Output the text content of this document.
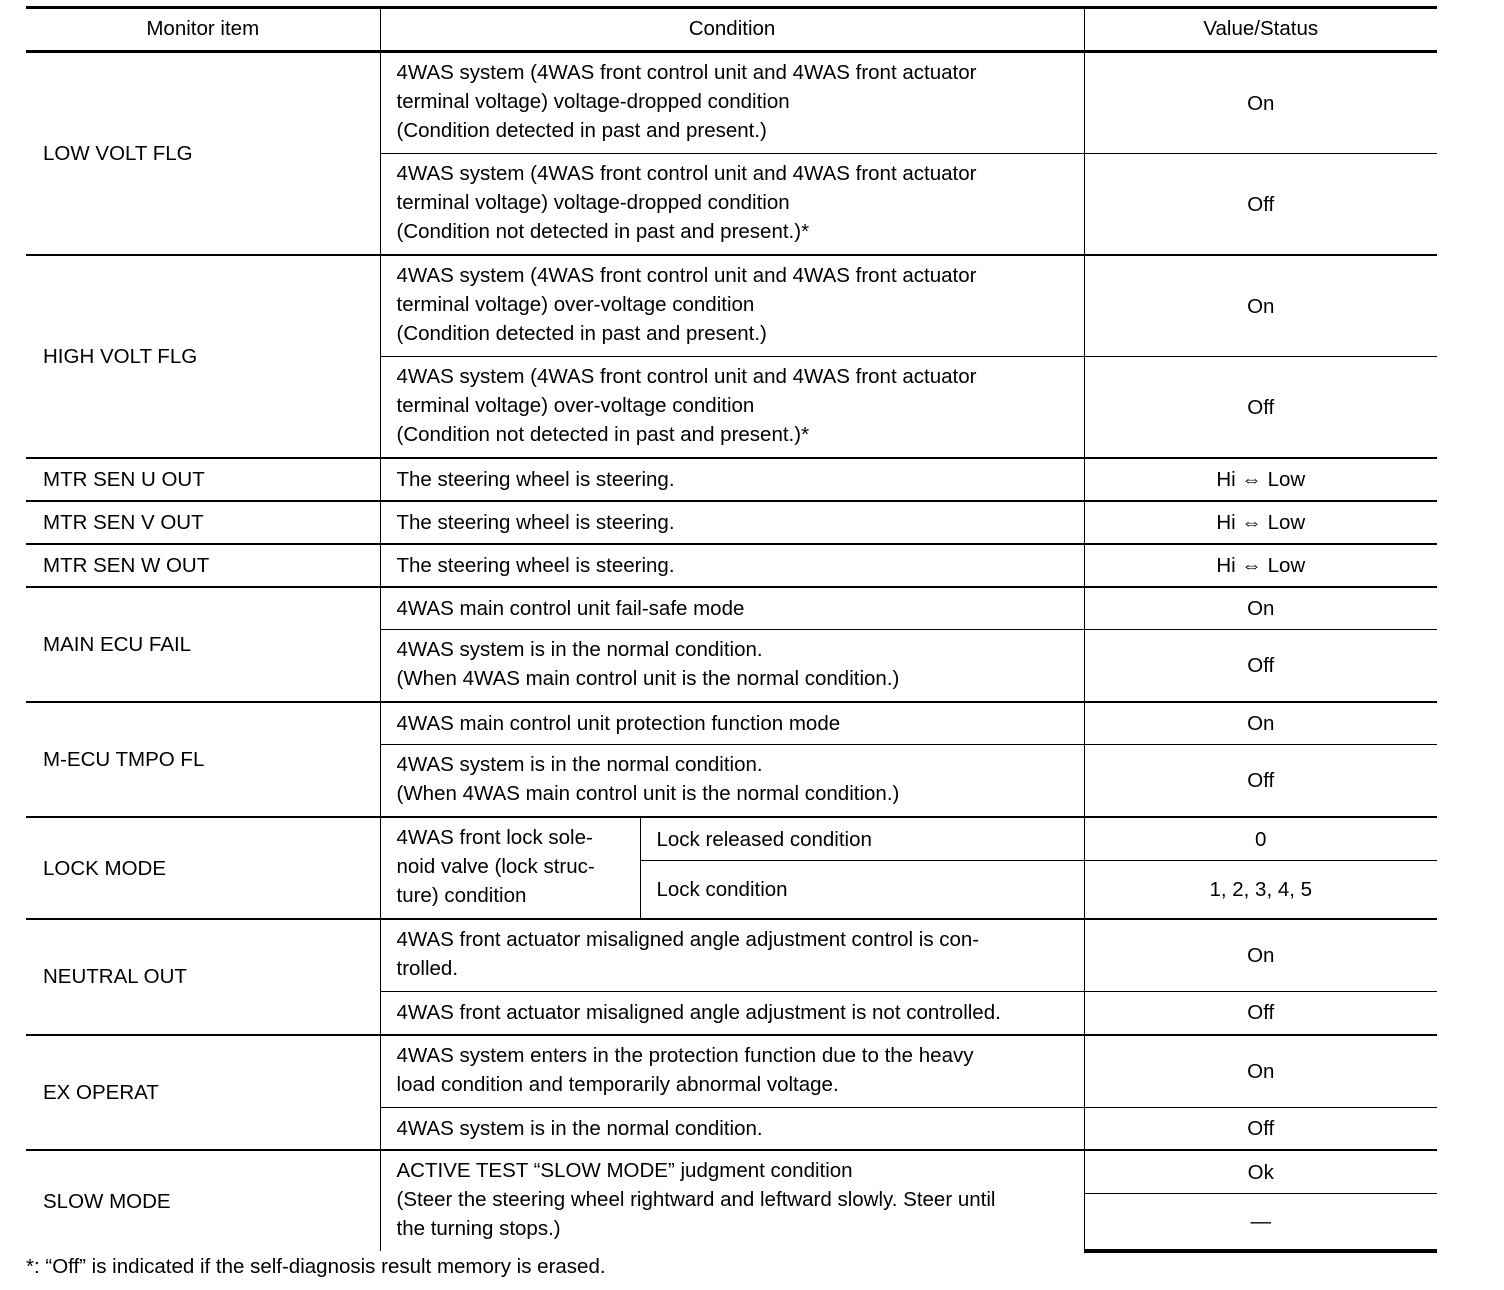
Monitor item	Condition		Value/Status
LOW VOLT FLG	4WAS system (4WAS front control unit and 4WAS front actuator
terminal voltage) voltage-dropped condition
(Condition detected in past and present.)		On

	4WAS system (4WAS front control unit and 4WAS front actuator
terminal voltage) voltage-dropped condition
(Condition not detected in past and present.)*		Off
HIGH VOLT FLG	4WAS system (4WAS front control unit and 4WAS front actuator
terminal voltage) over-voltage condition
(Condition detected in past and present.)		On

	4WAS system (4WAS front control unit and 4WAS front actuator
terminal voltage) over-voltage condition
(Condition not detected in past and present.)*		Off
MTR SEN U OUT	The steering wheel is steering.		Hi ⇔ Low
MTR SEN V OUT	The steering wheel is steering.		Hi ⇔ Low
MTR SEN W OUT	The steering wheel is steering.		Hi ⇔ Low
MAIN ECU FAIL	4WAS main control unit fail-safe mode		On

	4WAS system is in the normal condition.
(When 4WAS main control unit is the normal condition.)		Off
M-ECU TMPO FL	4WAS main control unit protection function mode		On

	4WAS system is in the normal condition.
(When 4WAS main control unit is the normal condition.)		Off
LOCK MODE	4WAS front lock sole-
noid valve (lock struc-
ture) condition	Lock released condition	0
		Lock condition	1, 2, 3, 4, 5
NEUTRAL OUT	4WAS front actuator misaligned angle adjustment control is con-
trolled.		On
	4WAS front actuator misaligned angle adjustment is not controlled.		Off
EX OPERAT	4WAS system enters in the protection function due to the heavy
load condition and temporarily abnormal voltage.		On
	4WAS system is in the normal condition.		Off
SLOW MODE	ACTIVE TEST “SLOW MODE” judgment condition
(Steer the steering wheel rightward and leftward slowly. Steer until
the turning stops.)		Ok
			—
*: “Off” is indicated if the self-diagnosis result memory is erased.
